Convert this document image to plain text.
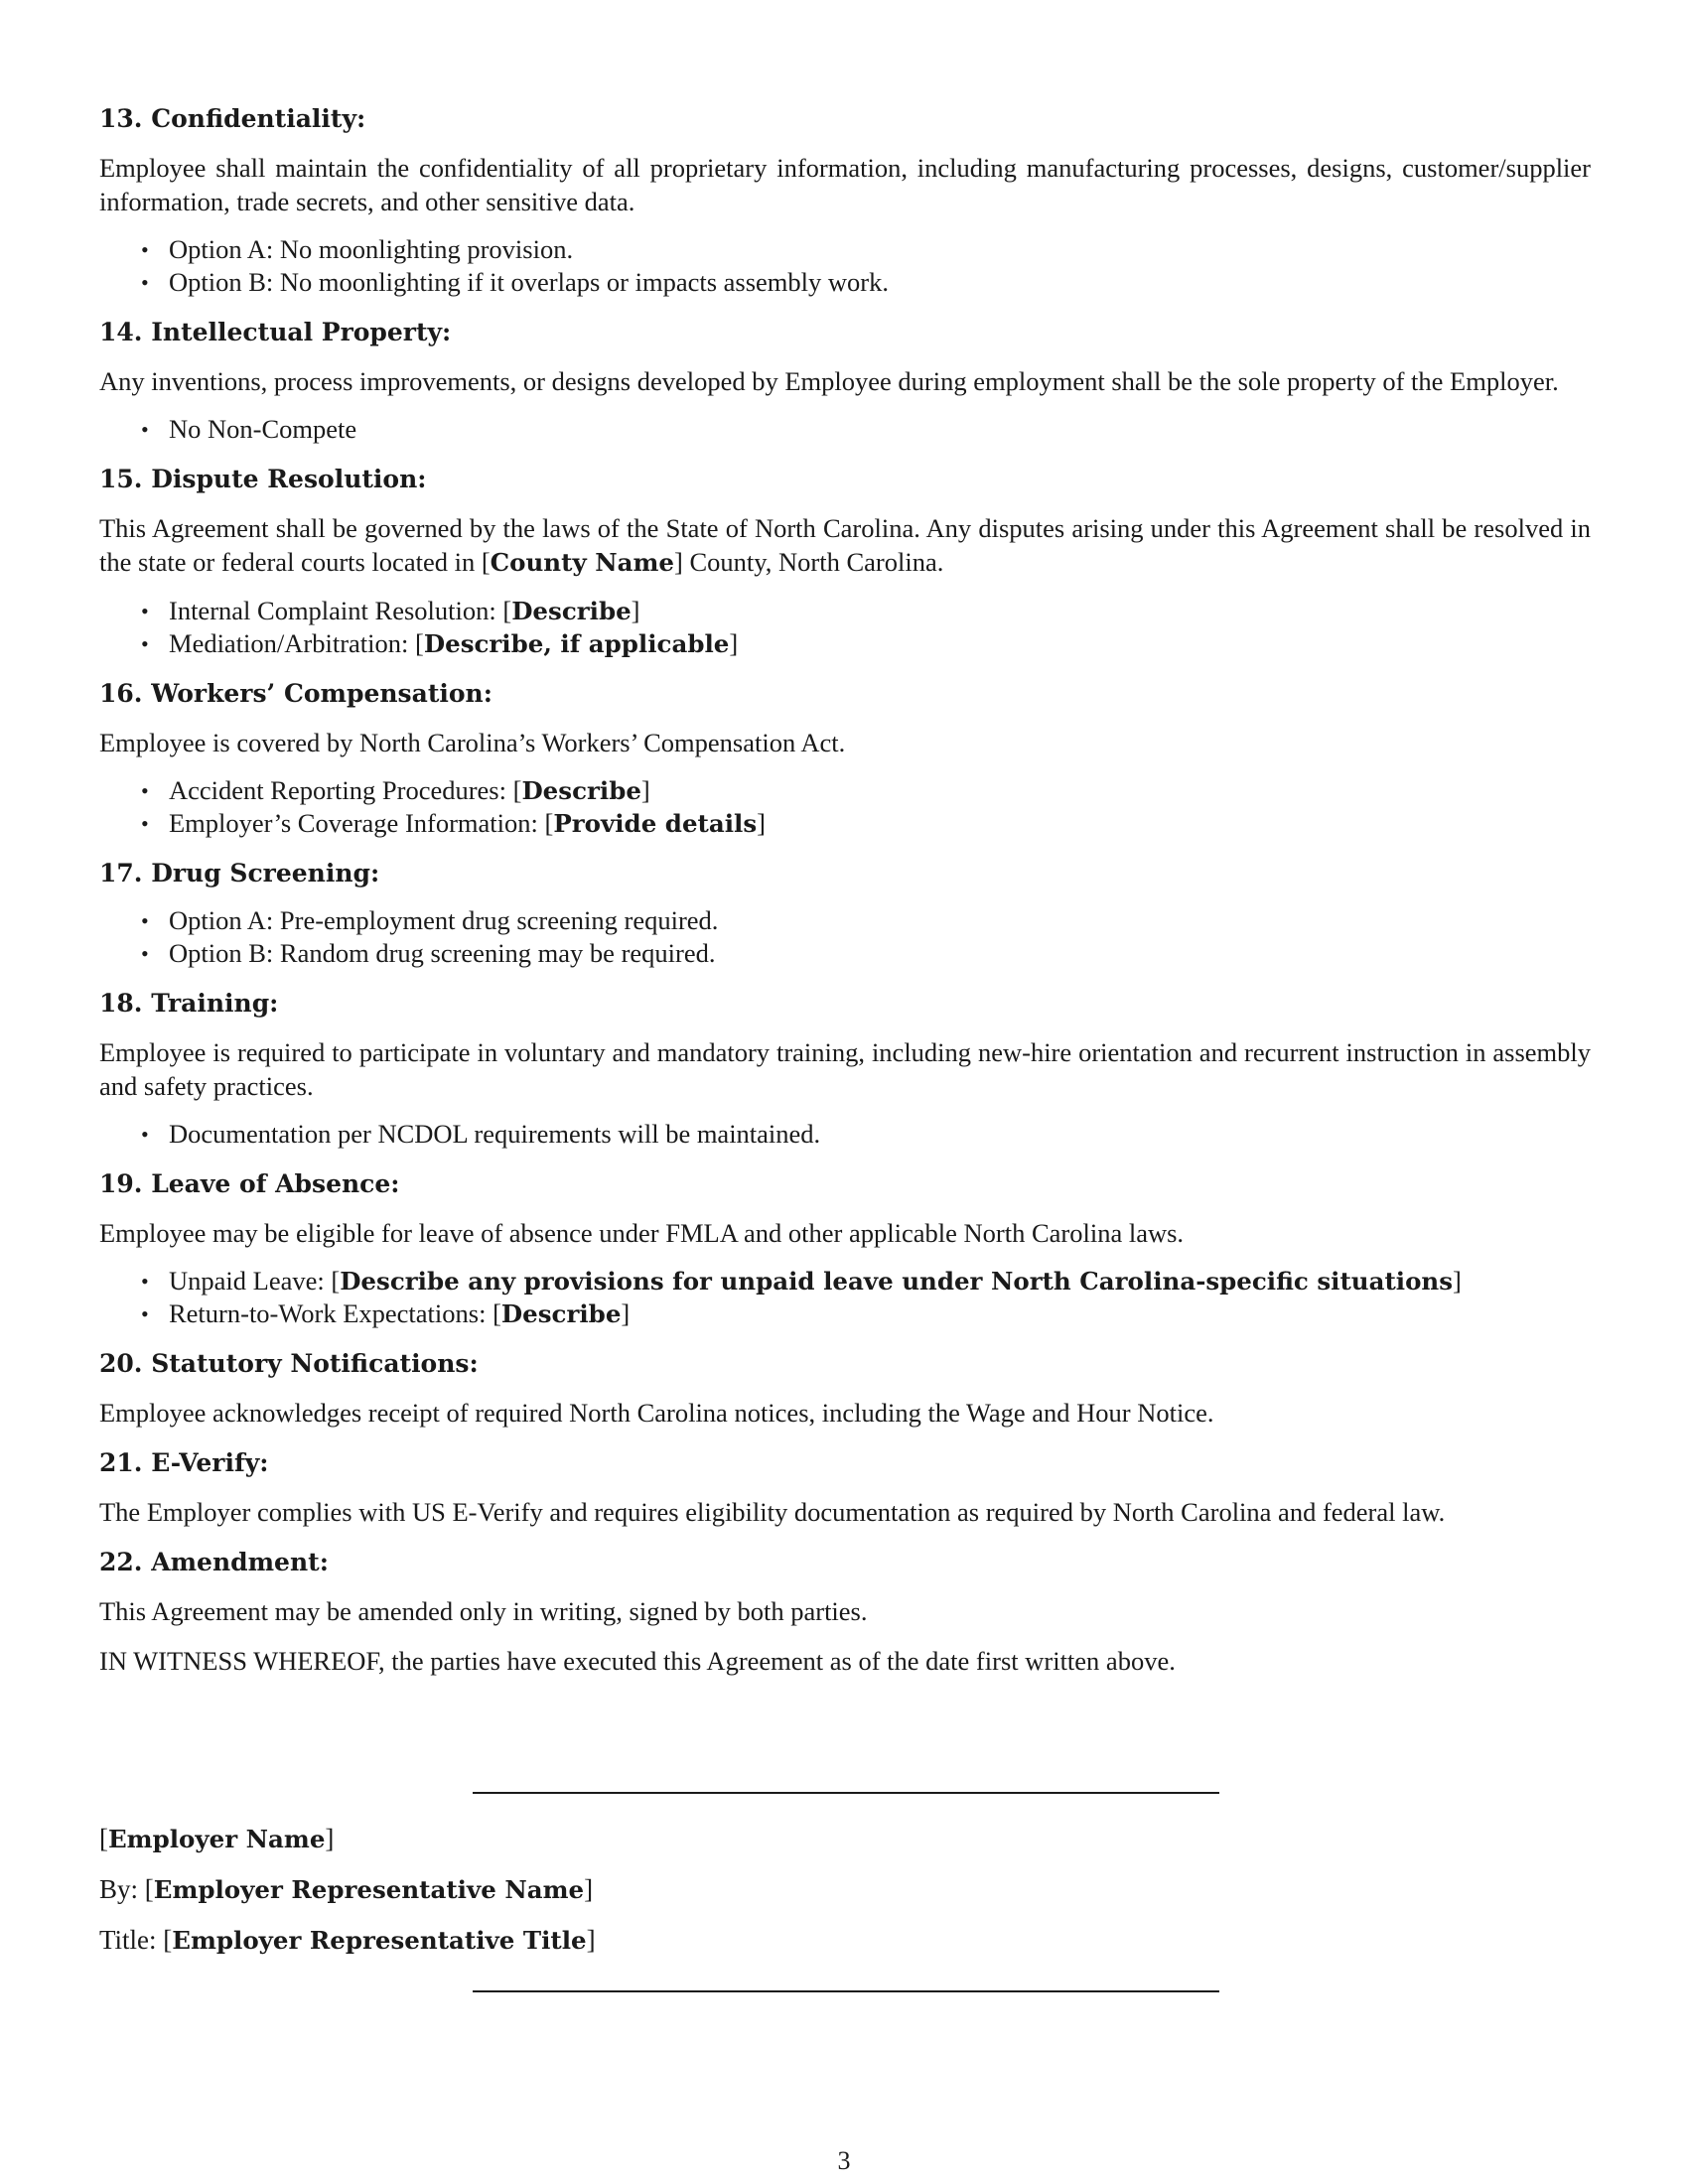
13. Confidentiality:

Employee shall maintain the confidentiality of all proprietary information, including manufacturing processes, designs, customer/supplier information, trade secrets, and other sensitive data.

• Option A: No moonlighting provision.
• Option B: No moonlighting if it overlaps or impacts assembly work.
14. Intellectual Property:

Any inventions, process improvements, or designs developed by Employee during employment shall be the sole property of the Employer.

• No Non-Compete
15. Dispute Resolution:

This Agreement shall be governed by the laws of the State of North Carolina. Any disputes arising under this Agreement shall be resolved in the state or federal courts located in [County Name] County, North Carolina.

• Internal Complaint Resolution: [Describe]
• Mediation/Arbitration: [Describe, if applicable]
16. Workers’ Compensation:

Employee is covered by North Carolina’s Workers’ Compensation Act.

• Accident Reporting Procedures: [Describe]
• Employer’s Coverage Information: [Provide details]
17. Drug Screening:
• Option A: Pre-employment drug screening required.
• Option B: Random drug screening may be required.
18. Training:

Employee is required to participate in voluntary and mandatory training, including new-hire orientation and recurrent instruction in assembly and safety practices.

• Documentation per NCDOL requirements will be maintained.
19. Leave of Absence:

Employee may be eligible for leave of absence under FMLA and other applicable North Carolina laws.

• Unpaid Leave: [Describe any provisions for unpaid leave under North Carolina-specific situations]
• Return-to-Work Expectations: [Describe]
20. Statutory Notifications:

Employee acknowledges receipt of required North Carolina notices, including the Wage and Hour Notice.

21. E-Verify:

The Employer complies with US E-Verify and requires eligibility documentation as required by North Carolina and federal law.

22. Amendment:

This Agreement may be amended only in writing, signed by both parties.

IN WITNESS WHEREOF, the parties have executed this Agreement as of the date first written above.

[Employer Name]
By: [Employer Representative Name]
Title: [Employer Representative Title]
3
